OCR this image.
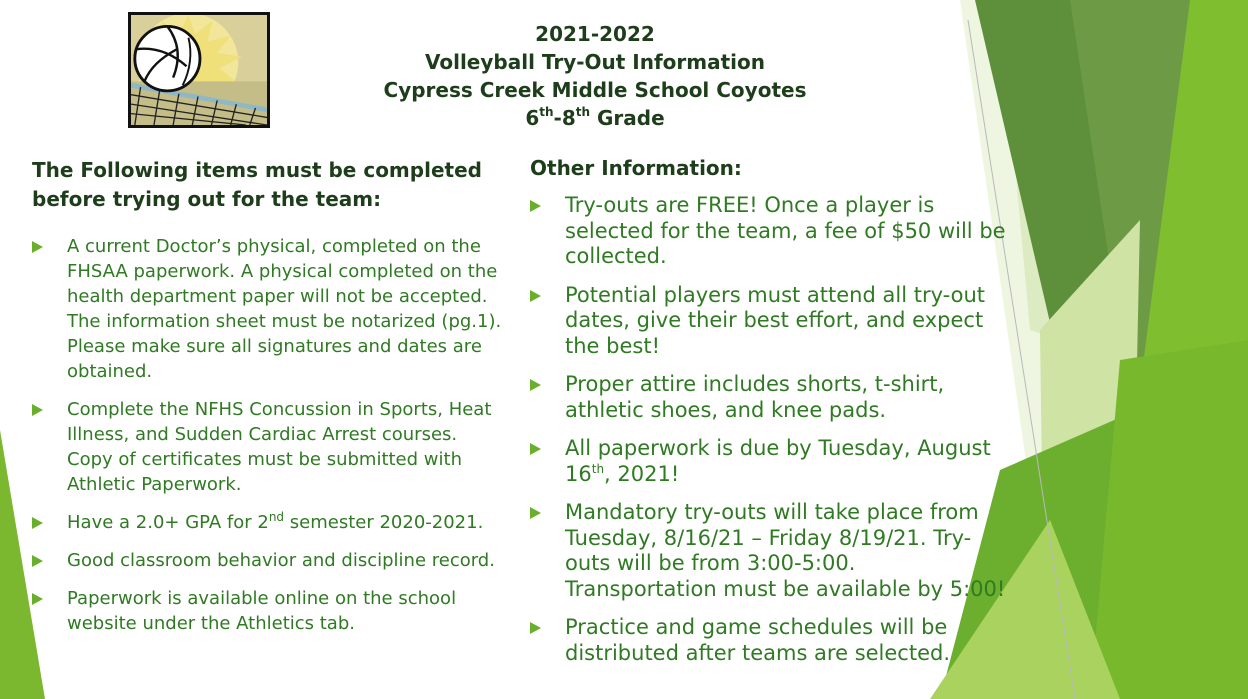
2021-2022
Volleyball Try-Out Information
Cypress Creek Middle School Coyotes
6th-8th Grade

The Following items must be completed before trying out for the team:

A current Doctor’s physical, completed on the FHSAA paperwork. A physical completed on the health department paper will not be accepted. The information sheet must be notarized (pg.1). Please make sure all signatures and dates are obtained.
Complete the NFHS Concussion in Sports, Heat Illness, and Sudden Cardiac Arrest courses. Copy of certificates must be submitted with Athletic Paperwork.
Have a 2.0+ GPA for 2nd semester 2020-2021.
Good classroom behavior and discipline record.
Paperwork is available online on the school website under the Athletics tab.

Other Information:

Try-outs are FREE! Once a player is selected for the team, a fee of $50 will be collected.
Potential players must attend all try-out dates, give their best effort, and expect the best!
Proper attire includes shorts, t-shirt, athletic shoes, and knee pads.
All paperwork is due by Tuesday, August 16th, 2021!
Mandatory try-outs will take place from Tuesday, 8/16/21 – Friday 8/19/21. Try-outs will be from 3:00-5:00. Transportation must be available by 5:00!
Practice and game schedules will be distributed after teams are selected.
